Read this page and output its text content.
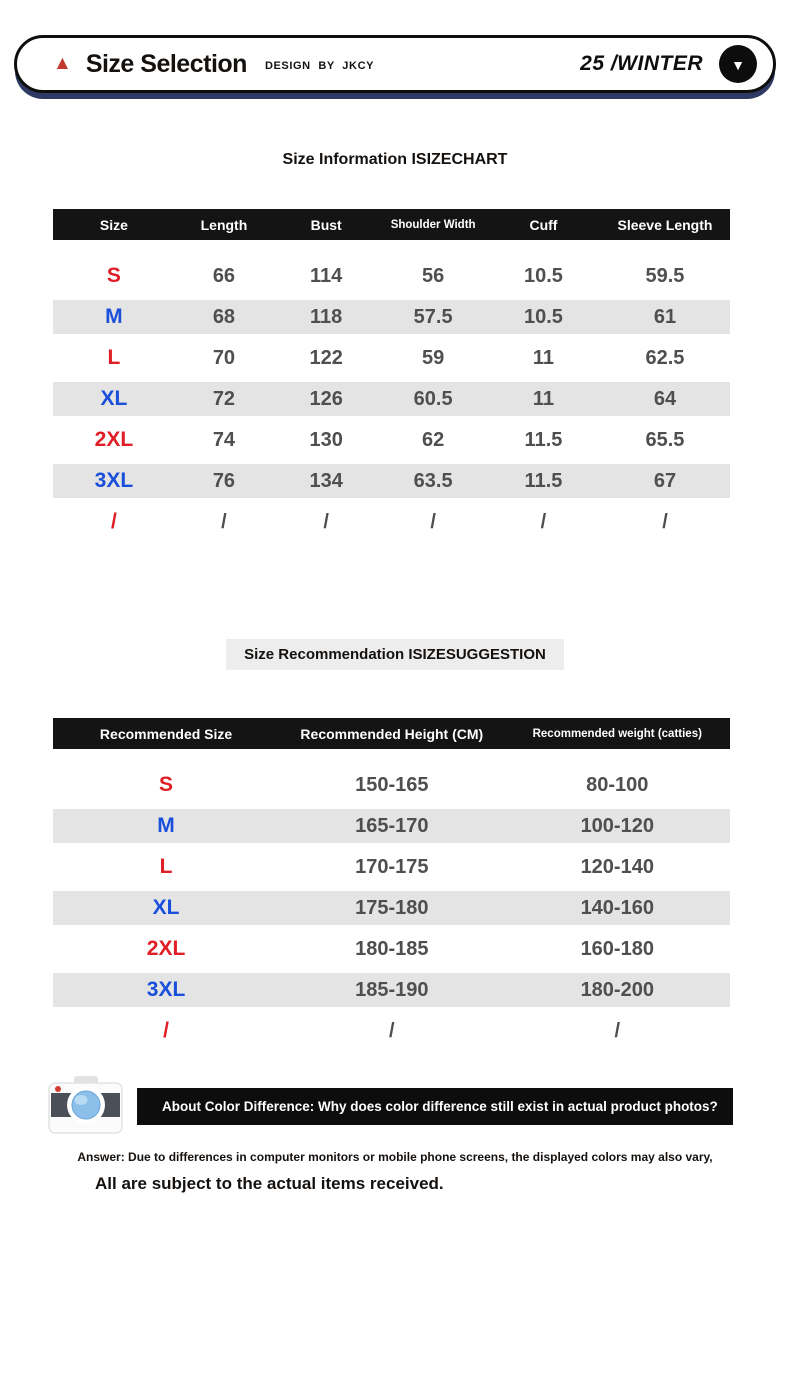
▲ Size Selection DESIGN BY JKCY	25 /WINTER ▼
Size Information ISIZECHART
Size	Length	Bust	Shoulder Width	Cuff	Sleeve Length
S	66	114	56	10.5	59.5
M	68	118	57.5	10.5	61
L	70	122	59	11	62.5
XL	72	126	60.5	11	64
2XL	74	130	62	11.5	65.5
3XL	76	134	63.5	11.5	67
/	/	/	/	/	/
Size Recommendation ISIZESUGGESTION
Recommended Size	Recommended Height (CM)	Recommended weight (catties)
S	150-165	80-100
M	165-170	100-120
L	170-175	120-140
XL	175-180	140-160
2XL	180-185	160-180
3XL	185-190	180-200
/	/	/
About Color Difference: Why does color difference still exist in actual product photos?
Answer: Due to differences in computer monitors or mobile phone screens, the displayed colors may also vary,
All are subject to the actual items received.
